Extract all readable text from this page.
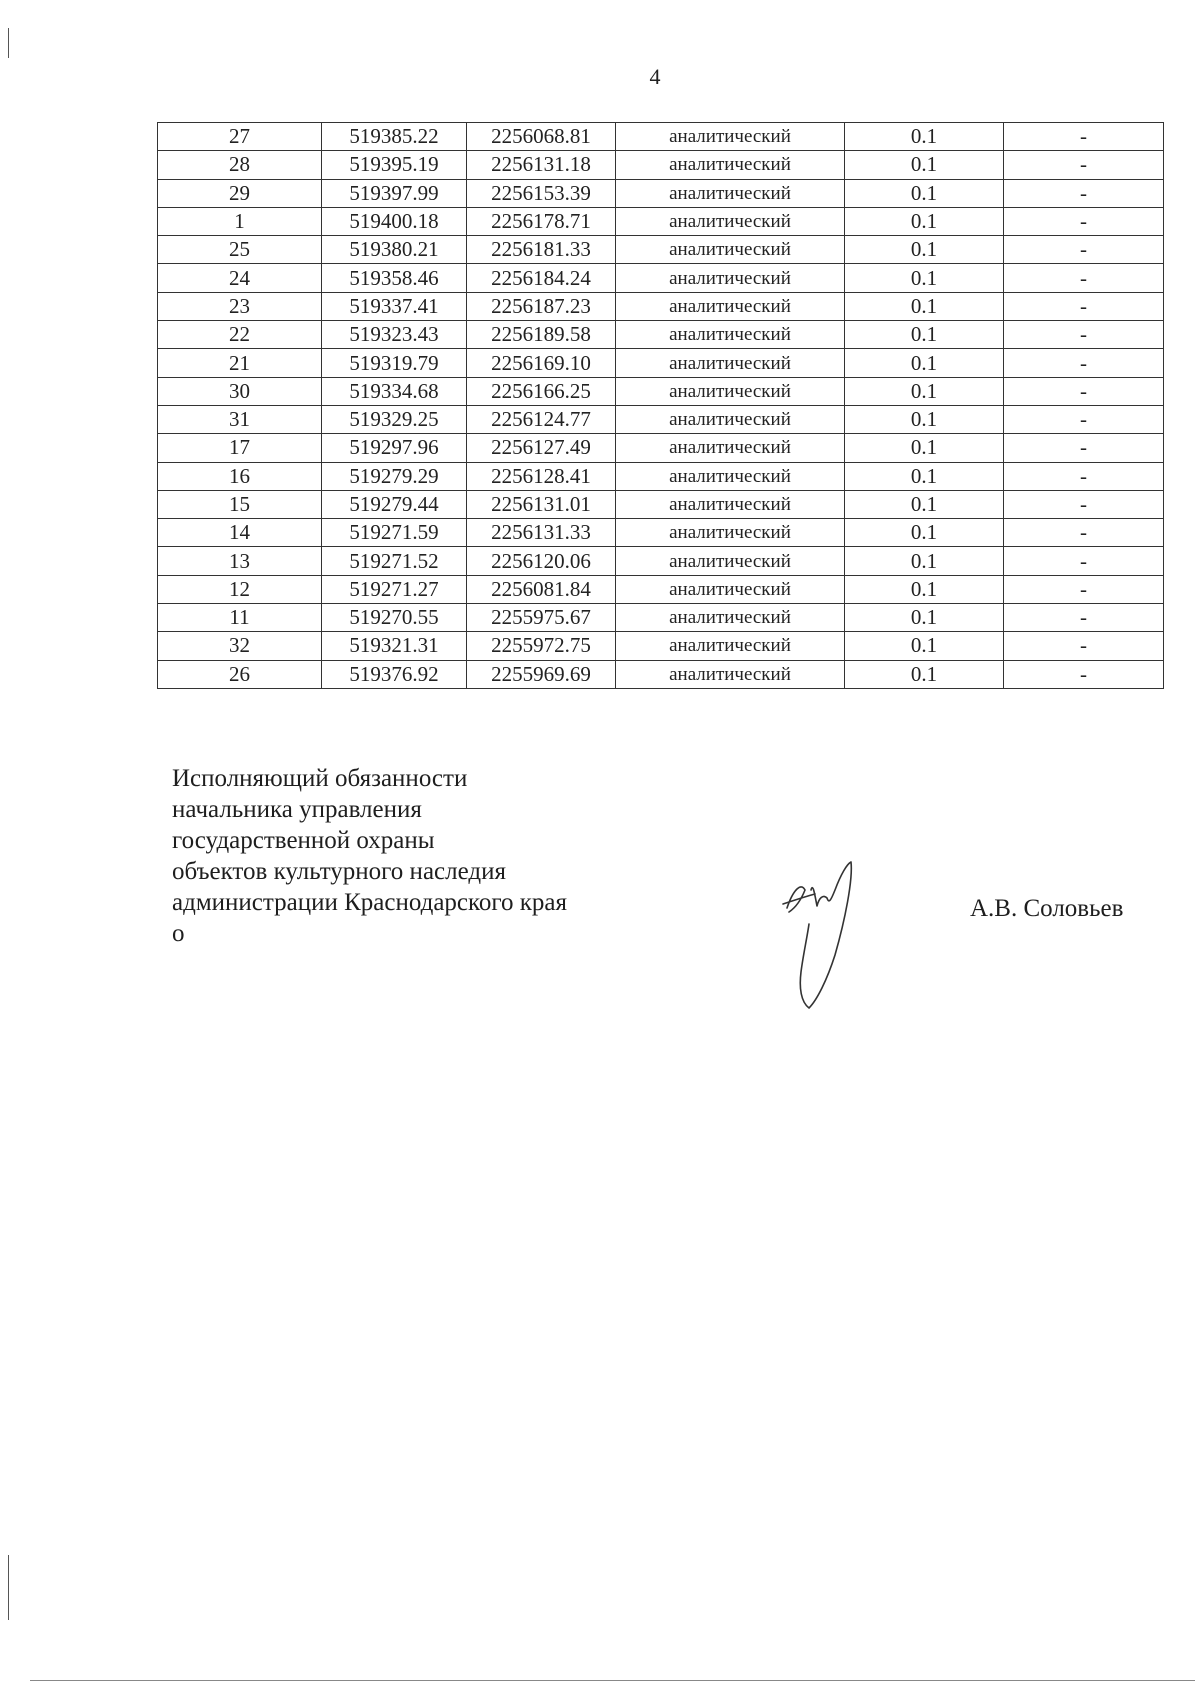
4
27	519385.22	2256068.81	аналитический	0.1	-
28	519395.19	2256131.18	аналитический	0.1	-
29	519397.99	2256153.39	аналитический	0.1	-
1	519400.18	2256178.71	аналитический	0.1	-
25	519380.21	2256181.33	аналитический	0.1	-
24	519358.46	2256184.24	аналитический	0.1	-
23	519337.41	2256187.23	аналитический	0.1	-
22	519323.43	2256189.58	аналитический	0.1	-
21	519319.79	2256169.10	аналитический	0.1	-
30	519334.68	2256166.25	аналитический	0.1	-
31	519329.25	2256124.77	аналитический	0.1	-
17	519297.96	2256127.49	аналитический	0.1	-
16	519279.29	2256128.41	аналитический	0.1	-
15	519279.44	2256131.01	аналитический	0.1	-
14	519271.59	2256131.33	аналитический	0.1	-
13	519271.52	2256120.06	аналитический	0.1	-
12	519271.27	2256081.84	аналитический	0.1	-
11	519270.55	2255975.67	аналитический	0.1	-
32	519321.31	2255972.75	аналитический	0.1	-
26	519376.92	2255969.69	аналитический	0.1	-
Исполняющий обязанности
начальника управления
государственной охраны
объектов культурного наследия
администрации Краснодарского края
о
А.В. Соловьев
